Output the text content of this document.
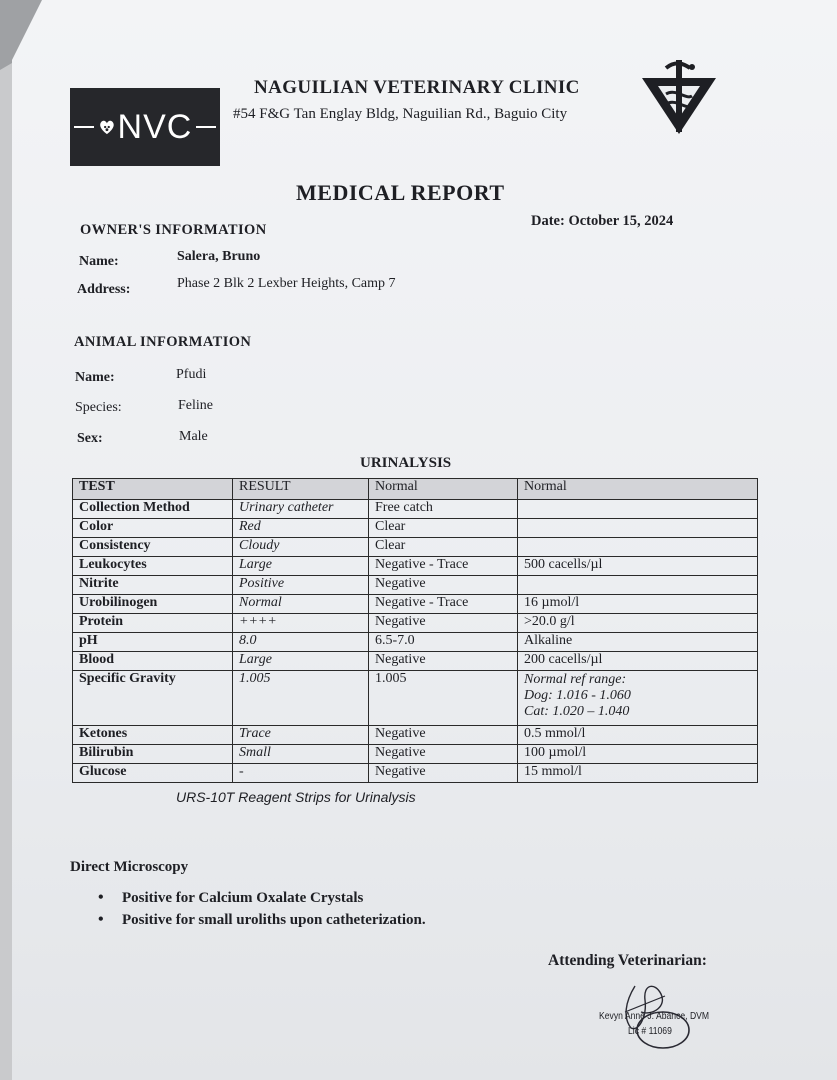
NVC
NAGUILIAN VETERINARY CLINIC
#54 F&G Tan Englay Bldg, Naguilian Rd., Baguio City
MEDICAL REPORT
Date: October 15, 2024
OWNER'S INFORMATION
Name:	Salera, Bruno
Address:	Phase 2 Blk 2 Lexber Heights, Camp 7
ANIMAL INFORMATION
Name:	Pfudi
Species:	Feline
Sex:	Male
URINALYSIS
TEST	RESULT	Normal	Normal
Collection Method	Urinary catheter	Free catch	
Color	Red	Clear	
Consistency	Cloudy	Clear	
Leukocytes	Large	Negative - Trace	500 cacells/µl
Nitrite	Positive	Negative	
Urobilinogen	Normal	Negative - Trace	16 µmol/l
Protein	++++	Negative	>20.0 g/l
pH	8.0	6.5-7.0	Alkaline
Blood	Large	Negative	200 cacells/µl
Specific Gravity	1.005	1.005	Normal ref range:
Dog: 1.016 - 1.060
Cat: 1.020 – 1.040

Ketones	Trace	Negative	0.5 mmol/l
Bilirubin	Small	Negative	100 µmol/l
Glucose	-	Negative	15 mmol/l
URS-10T Reagent Strips for Urinalysis
Direct Microscopy
• Positive for Calcium Oxalate Crystals
• Positive for small uroliths upon catheterization.
Attending Veterinarian:
Kevyn Anne J. Abance, DVM
Lic # 11069
